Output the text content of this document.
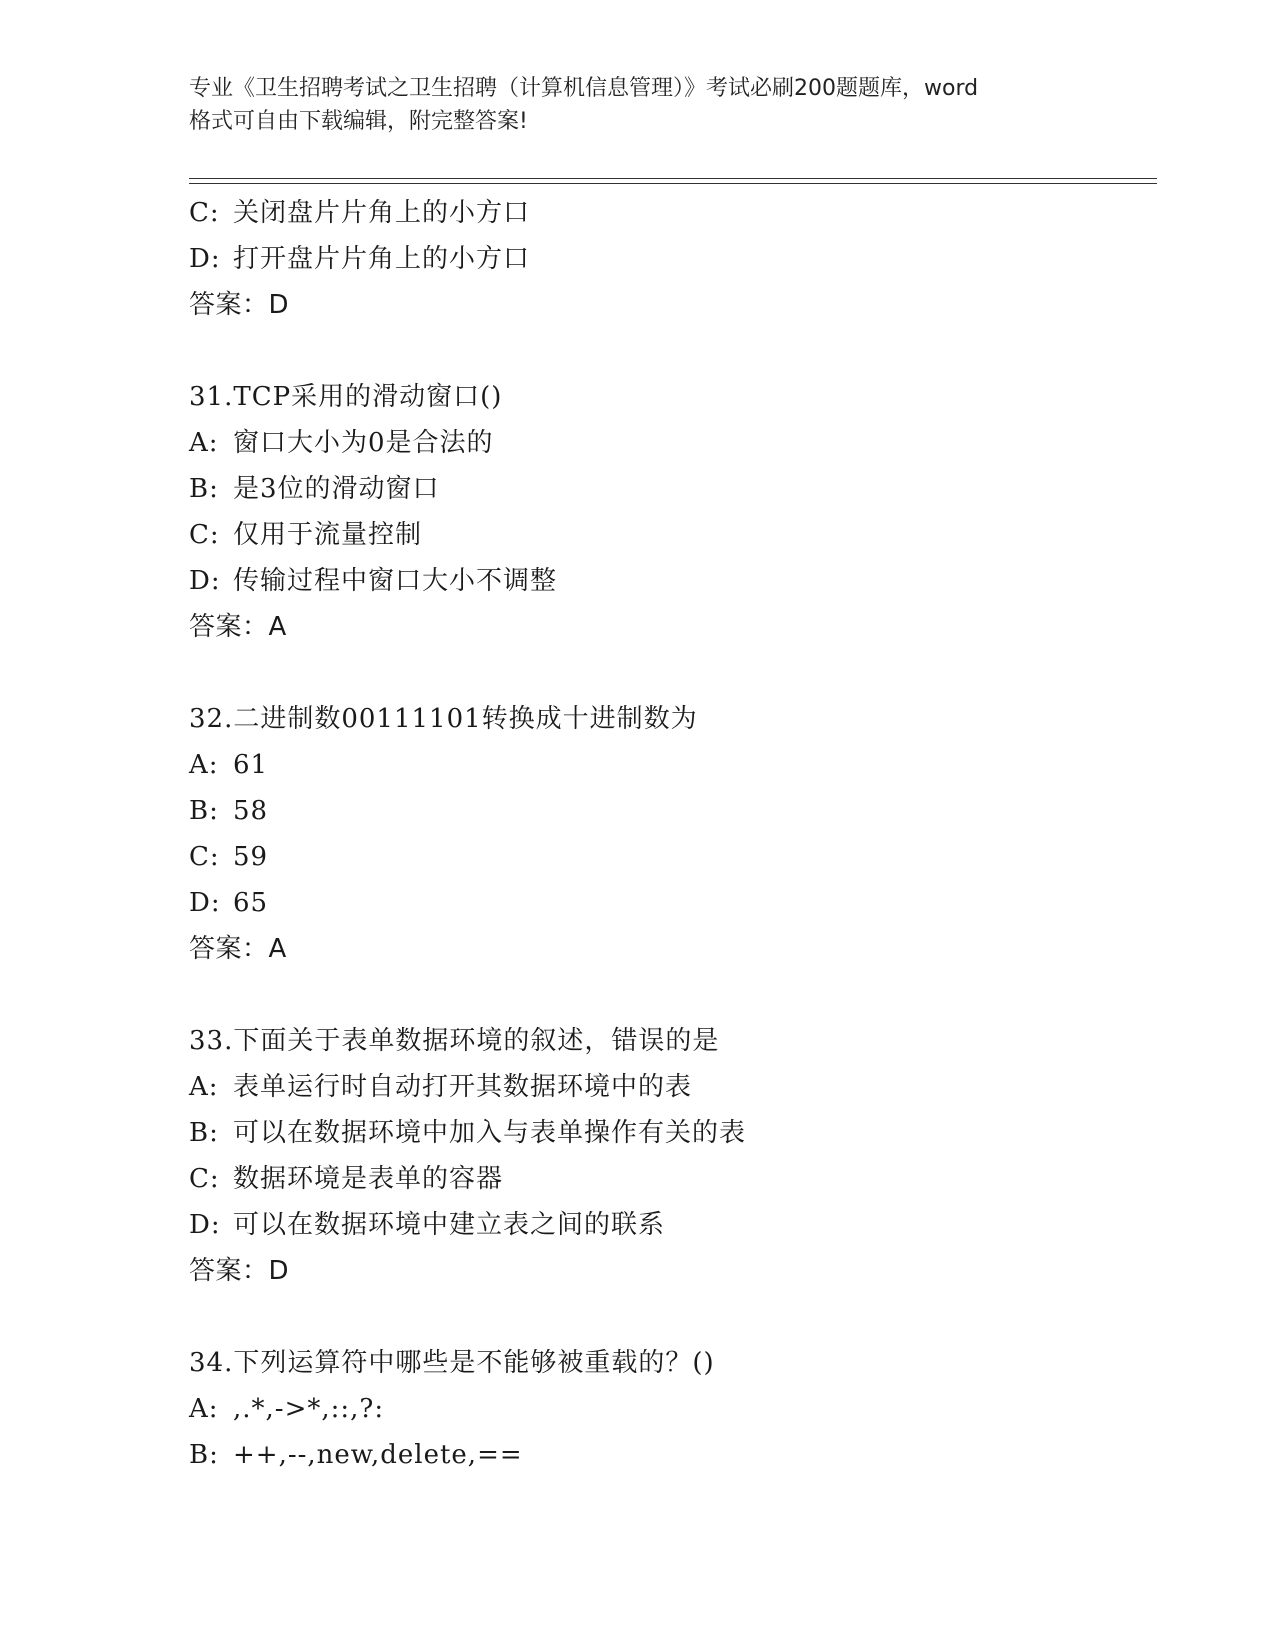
专业《卫生招聘考试之卫生招聘（计算机信息管理）》考试必刷200题题库，word
格式可自由下载编辑，附完整答案!
C: 关闭盘片片角上的小方口
D: 打开盘片片角上的小方口
答案：D
31.TCP采用的滑动窗口()
A: 窗口大小为0是合法的
B: 是3位的滑动窗口
C: 仅用于流量控制
D: 传输过程中窗口大小不调整
答案：A
32.二进制数00111101转换成十进制数为
A: 61
B: 58
C: 59
D: 65
答案：A
33.下面关于表单数据环境的叙述，错误的是
A: 表单运行时自动打开其数据环境中的表
B: 可以在数据环境中加入与表单操作有关的表
C: 数据环境是表单的容器
D: 可以在数据环境中建立表之间的联系
答案：D
34.下列运算符中哪些是不能够被重载的？()
A: ,.*,->*,::,?:
B: ++,--,new,delete,==
